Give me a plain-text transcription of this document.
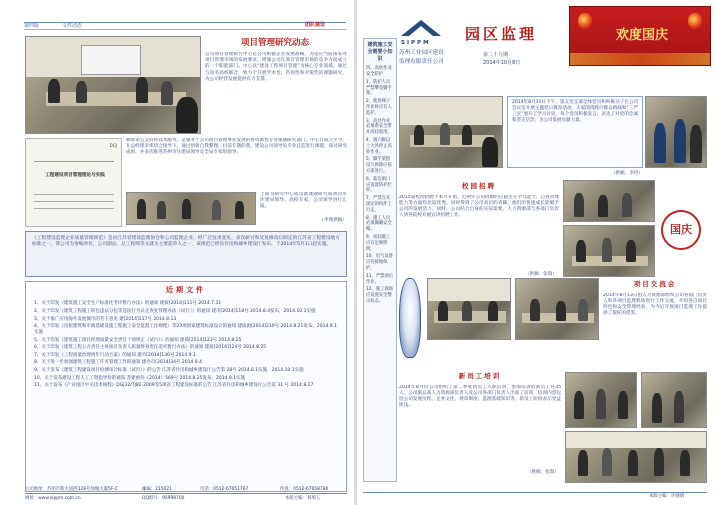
第四版	文件动态	团队建设
项目管理研究动态
公司项目管理研究中心是公司根据企业发展战略，为适应当前国家对项目管理市场的发展要求，增强公司在项目管理市场的竞争力而成立的一个职能部门。中心以“建设工程项目管理”为核心专业领域，通过与知名高校联合，致力于开展学术性、咨询性和对策性的课题研究，为公司经营发展提供有力支撑。
DGJ
工程建设项目管理理论与实践
赖承诺公支持和技术服务，是服务于公司项目管理事业发展的协资源性专业课题研究部门，中心自成立至今，在总经理亲率切合指导下，通过创新自我整理，目前专题的我，建设公司领导负专业总监进行课题，探讨研究成果，并多次推进苏州市住建局领导及全局专家组领导。
上面为研究中心成员就课题研究成果向市住建局领导、高校专家、公司领导进行汇报。
（李燕供稿）
《工程建设监理企业质量管理规范》是由江苏省建设监理协会和公司监理企业，经广泛征求意见、多次研讨和反复修改后制定的江苏省工程建设地方标准之一，我公司为参编单位，公司副总、总工程师等文就为主要起草人之一，该规范已经省住房和城乡建设厅发布，于2014年5月1日起实施。
近期文件
1、关于印发《建筑施工安全生产标准化考评暂行办法》的通知 建质[2014]111号 2014.7.31
2、关于印发《建筑工程施工转包违法分包等违法行为认定查处管理办法（试行）》的通知 建市[2014]118号 2014.8.4发布，2014.10.1实施
3、关于推广应用海外发展城市的若干意见 建[2014]117号 2014.8.13
4、关于印发《房屋建筑和市政基础设施工程施工安全监督工作规程》等23项国家建筑标准设计的通知 建质函[2014]210号 2014.8.21发布，2014.9.1实施
5、关于印发《建筑施工项目经理质量安全责任十项规定（试行）》的通知 建质[2014]123号 2014.8.25
6、关于印发《建筑工程五方责任主体项目负责人质量终身责任追究暂行办法》的通知 建质[2014]124号 2014.8.25
7、关于印发《工程质量治理两年行动方案》的通知 建市[2014]130号 2014.9.1
8、关于进一步加强建筑工程施工许可管理工作的通知 建办市[2014]34号 2014.9.4
9、关于发布《建筑工程建设项目检测审计标准（试行）》的公告 江苏省住房和城乡建设厅公告第 28号 2014.8.1实施，2014.10.1实施
10、关于发布建设工程人工工资指导价的通知 苏建函价（2014）569号 2014.8.25发布，2014.9.1实施
11、关于发布《产业园区中关技术规程》DGJ32/TJ82-2009等5项省工程建设标准的公告 江苏省住房和城乡建设厅公告第 31 号 2014.8.27
公司地址：苏州市新大道西128号加城大厦5F-C	邮编：215021	电话：0512-67651767	传真：0512-67658780
网址：www.sippm.com.cn	QQ群号：95998700	本版主编：刘瑞玉
建筑施工安全需要小知识
四、高处作业安全防护
1、防护人员严禁攀登脚手架。
2、使用梯子作业时应有人监护。
3、高处作业必须系安全带并高挂低用。
4、遇六级以上大风停止高处作业。
5、脚手架搭设与拆除应按方案进行。
6、临边洞口应设置防护栏杆。
7、严禁在未固定的构件上行走。
8、施工人员必须佩戴安全帽。
9、夜间施工应有足够照明。
10、电气设备应有接地保护。
11、严禁酒后作业。
12、施工现场应设置安全警示标志。
SIPPM
苏州工业园区建设
监理有限责任公司
园区监理
第二十九期
2014年10月8日
欢度国庆
2014年8月11日下午，第五党支部全体党员和积极分子在公司会议室开展主题党日教育活动，大家围绕践行群众路线和“三严三实”展开了学习讨论，每个党员积极发言，表达了对党的忠诚和坚定信念，为公司发展贡献力量。
（供稿：李进）
校园招聘
2015届校园招聘于本月开始，近两年公司招聘的应届生在学习能力、自我管理能力等方面均比较优秀，同时得到了公司高层的青睐，他们的快速成长能赋予公司的发展活力，同时，公司结合自身的实际需要，人力资源部与各部门负责人到各院校开展宣讲招聘工作。
（供稿：张瑞）
国庆
项目交流会
2014年8月13日由人力资源部组织公司各部门负责人和各项目监理机构进行工作交流，介绍各自项目特色和安全管理经验，为今后开展项目监理工作提供了很好的借鉴。
新员工培训
2014年8月份公司组织了第二季度新员工入职培训，参加培训的新员工共35人，公司副总裁人力资源部负责人及公司各部门负责人出席了培训，培训内容包括公司发展历程、企业文化、规章制度、监理基础知识等，新员工纷纷表示受益匪浅。
（供稿：张瑞）
本版主编：许晓婧
